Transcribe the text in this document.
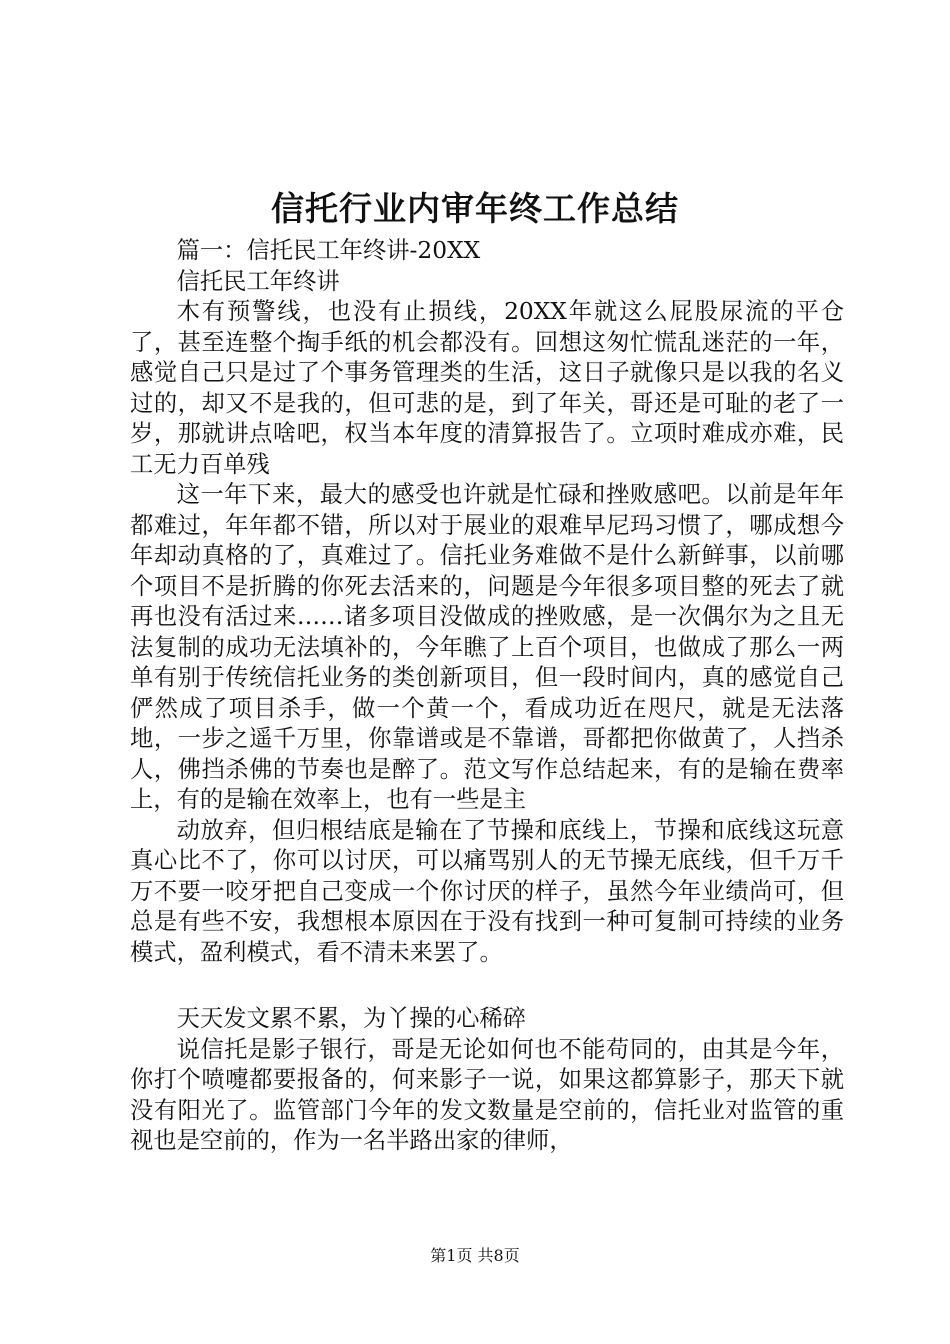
信托行业内审年终工作总结

篇一：信托民工年终讲-20XX

信托民工年终讲

木有预警线，也没有止损线，20XX年就这么屁股尿流的平仓了，甚至连整个掏手纸的机会都没有。回想这匆忙慌乱迷茫的一年，感觉自己只是过了个事务管理类的生活，这日子就像只是以我的名义过的，却又不是我的，但可悲的是，到了年关，哥还是可耻的老了一岁，那就讲点啥吧，权当本年度的清算报告了。立项时难成亦难，民工无力百单残

这一年下来，最大的感受也许就是忙碌和挫败感吧。以前是年年都难过，年年都不错，所以对于展业的艰难早尼玛习惯了，哪成想今年却动真格的了，真难过了。信托业务难做不是什么新鲜事，以前哪个项目不是折腾的你死去活来的，问题是今年很多项目整的死去了就再也没有活过来……诸多项目没做成的挫败感，是一次偶尔为之且无法复制的成功无法填补的，今年瞧了上百个项目，也做成了那么一两单有别于传统信托业务的类创新项目，但一段时间内，真的感觉自己俨然成了项目杀手，做一个黄一个，看成功近在咫尺，就是无法落地，一步之遥千万里，你靠谱或是不靠谱，哥都把你做黄了，人挡杀人，佛挡杀佛的节奏也是醉了。范文写作总结起来，有的是输在费率上，有的是输在效率上，也有一些是主

动放弃，但归根结底是输在了节操和底线上，节操和底线这玩意真心比不了，你可以讨厌，可以痛骂别人的无节操无底线，但千万千万不要一咬牙把自己变成一个你讨厌的样子，虽然今年业绩尚可，但总是有些不安，我想根本原因在于没有找到一种可复制可持续的业务模式，盈利模式，看不清未来罢了。

天天发文累不累，为丫操的心稀碎

说信托是影子银行，哥是无论如何也不能苟同的，由其是今年，你打个喷嚏都要报备的，何来影子一说，如果这都算影子，那天下就没有阳光了。监管部门今年的发文数量是空前的，信托业对监管的重视也是空前的，作为一名半路出家的律师，

第1页 共8页
